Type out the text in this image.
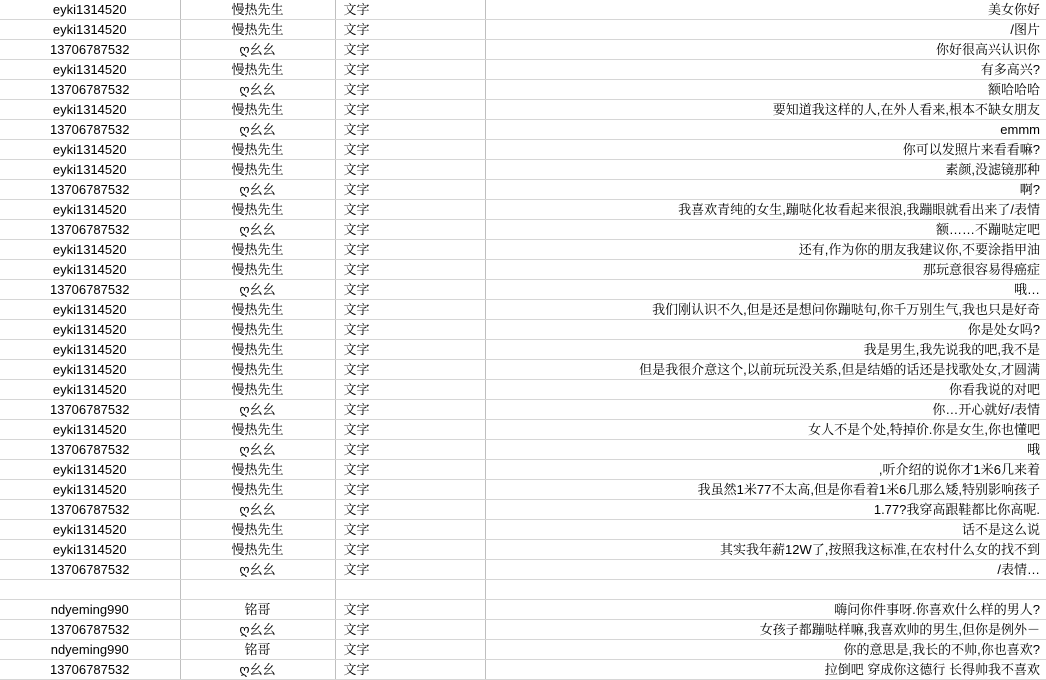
eyki1314520	慢热先生	文字	美女你好
eyki1314520	慢热先生	文字	/图片
13706787532	ღ幺幺	文字	你好很高兴认识你
eyki1314520	慢热先生	文字	有多高兴?
13706787532	ღ幺幺	文字	额哈哈哈
eyki1314520	慢热先生	文字	要知道我这样的人,在外人看来,根本不缺女朋友
13706787532	ღ幺幺	文字	emmm
eyki1314520	慢热先生	文字	你可以发照片来看看嘛?
eyki1314520	慢热先生	文字	素颜,没滤镜那种
13706787532	ღ幺幺	文字	啊?
eyki1314520	慢热先生	文字	我喜欢青纯的女生,蹦哒化妆看起来很浪,我蹦眼就看出来了/表情
13706787532	ღ幺幺	文字	额……不蹦哒定吧
eyki1314520	慢热先生	文字	还有,作为你的朋友我建议你,不要涂指甲油
eyki1314520	慢热先生	文字	那玩意很容易得癌症
13706787532	ღ幺幺	文字	哦…
eyki1314520	慢热先生	文字	我们刚认识不久,但是还是想问你蹦哒句,你千万别生气,我也只是好奇
eyki1314520	慢热先生	文字	你是处女吗?
eyki1314520	慢热先生	文字	我是男生,我先说我的吧,我不是
eyki1314520	慢热先生	文字	但是我很介意这个,以前玩玩没关系,但是结婚的话还是找歌处女,才圆满
eyki1314520	慢热先生	文字	你看我说的对吧
13706787532	ღ幺幺	文字	你…开心就好/表情
eyki1314520	慢热先生	文字	女人不是个处,特掉价.你是女生,你也懂吧
13706787532	ღ幺幺	文字	哦
eyki1314520	慢热先生	文字	,听介绍的说你才1米6几来着
eyki1314520	慢热先生	文字	我虽然1米77不太高,但是你看着1米6几那么矮,特别影响孩子
13706787532	ღ幺幺	文字	1.77?我穿高跟鞋都比你高呢.
eyki1314520	慢热先生	文字	话不是这么说
eyki1314520	慢热先生	文字	其实我年薪12W了,按照我这标准,在农村什么女的找不到
13706787532	ღ幺幺	文字	/表情…

ndyeming990	铭哥	文字	嗨问你件事呀.你喜欢什么样的男人?
13706787532	ღ幺幺	文字	女孩子都蹦哒样嘛,我喜欢帅的男生,但你是例外－
ndyeming990	铭哥	文字	你的意思是,我长的不帅,你也喜欢?
13706787532	ღ幺幺	文字	拉倒吧 穿成你这德行 长得帅我不喜欢
